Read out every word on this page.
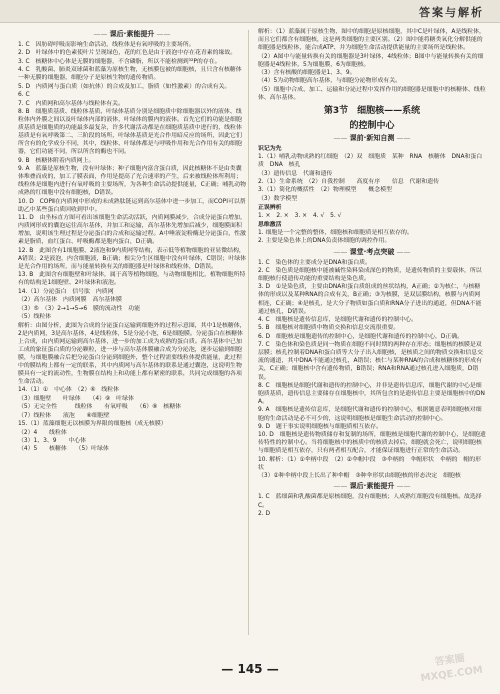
答案与解析
—— 课后·素能提升 ——
1. C　因肪碍呼吸而影响生命活动，线粒体是有氧呼吸的主要场所。
2. D　叶绿体中的色素使叶片呈现绿色，花的红色是由于液泡中存在花青素的缘故。
3. C　核糖体中心体是无膜的细胞器，不含磷脂，所以不能检测到³²P的存在。
4. C　乳酸菌、肺炎双球菌和蓝藻为原核生物，无核膜包被的细胞核，且只含有核糖体一种无膜的细胞器，细胞分子是原核生物的遗传物质。
5. D　内质网与蛋白质（如抗体）的合成及加工，脂质（如性激素）的合成有关。
6. C
7. C　内质网和高尔基体与线粒体有关。
8. B　细胞质基质、线粒体基质、叶绿体基质分别是细胞质中除细胞器以外的液体、线粒体内外膜之间以及叶绿体内部的液体，叶绿体的膜内的液体。首先它们的功能是细胞质基质是细胞质的功能最多最复杂，许多代谢活动都是在细胞质基质中进行的，线粒体基质是有氧呼吸第二、三阶段的场所，叶绿体基质是光合作用暗反应的场所，因此它们所含有的化学成分不同，其中，线粒体、叶绿体都是与呼吸作用和光合作用有关的细胞器，它们功能不同，所以所含的酶也不同。
9. B　核糖体附着内质网上。
9. A　蓝藻是原核生物，没有叶绿体；种子细胞内富含蛋白质，因此核糖体不是由类囊体堆叠而成的，加工了膜表面，作用是提高了光合速率的产生，后来被线粒体所利用；线粒体是细胞内进行有氧呼吸的主要场所，为各种生命活动提供能量，C正确；哺乳动物成熟的红细胞中没有细胞核，D错误。
10. D　COPⅡ在内质网中形成的未成熟肽链运到高尔基体中进一步加工，而COPⅠ可以帮助乙中某些蛋白质回收到甲中。
11. D　由坐标直方图可看出该细胞生命活动活跃，内质网膜减少，合成分泌蛋白增加，内质网形成的囊泡运往高尔基体，并加工和运输，高尔基体先增加后减少，细胞膜面积增加，说明该生理过程是分泌蛋白的合成和运输过程。A中唾液淀粉酶是分泌蛋白，性激素是脂质，血红蛋白、呼吸酶都是胞内蛋白，D正确。
12. B　此图含有1细胞膜、2液泡和9内质网等结构，表示低等植物细胞的亚显微结构，A错误；2是液泡，内含细胞液，B正确；根尖分生区细胞中没有叶绿体，C错误；叶绿体是光合作用的场所，而与能量转换有关的细胞器是叶绿体和线粒体，D错误。
13. B　此图含有细胞壁和叶绿体，属于高等植物细胞，与动物细胞相比，植物细胞所特有的结构是1细胞壁、2叶绿体和液泡。
14.（1）分泌蛋白　信号肽　内质网
（2）高尔基体　内质网膜　高尔基体膜
（3）⑤　（3）2→1→5→6　膜的流动性　功能
（5）线粒体
解析：由图分析，此图为合成的分泌蛋白运输到细胞外的过程示意图，其中1是核糖体，2是内质网，3是高尔基体，4是线粒体，5是分泌小泡，6是细胞膜。分泌蛋白在核糖体上合成，由内质网运输到高尔基体，进一步的加工成为成熟的蛋白质。高尔基体中已加工成的象征蛋白质的分泌颗粒，进一步与高尔基体膜融合成为分泌泡，逐步运输到细胞膜，与细胞膜融合后把分泌蛋白分泌到细胞外，整个过程需要线粒体提供能量，此过程中的膜结构上都有一定的联系，其中内质网与高尔基体的联系是通过囊泡，这说明生物膜具有一定的流动性，生物膜在结构上和功能上都有紧密的联系，共同完成细胞的各项生命活动。
14.（1）①　中心体　（2）⑥　线粒体
（3）细胞壁　　叶绿体　　（4）⑨　叶绿体
（5）无完全性　　　线粒体　　有氧呼吸　　（6）⑧　核糖体
（7）线粒体　　液泡　　⑧细胞壁
15.（1）蓝藻细胞无以核膜为界限的细胞核（成无核膜）
（2）4　　线粒体
（3）1、3、9　　中心体
（4）5　　核糖体　　（5）叶绿体
解析：（1）蓝藻属于原核生物，图中的细胞是原核细胞，其中C是叶绿体，A是线粒体，而且它们都含有细胞核，这是两类细胞的主要区别。（2）图中能将糖类氧化分解供能的细胞器是线粒体，能合成ATP、并为细胞生命活动提供能量的主要场所是线粒体。
（2）A图中与能量转换有关的细胞器是3叶绿体，4线粒体；B图中与能量转换有关的细胞器是4线粒体，5为细胞膜，6为细胞核。
（3）含有核酸的细胞器是1、3、9。
（4）5为动物细胞高尔基体，与细胞分泌物形成有关。
（5）细胞中合成、加工、运输和分泌过程中发挥作用的细胞器是细胞中的核糖体、线粒体、高尔基体。
第3节　细胞核——系统
的控制中心
—— 课前·新知自测 ——
识记为先
1.（1）哺乳动物成熟的红细胞　（2）双　细胞质　某种　RNA　核糖体　DNA和蛋白质　DNA　核孔
（3）遗传信息　代谢和遗传
2.（1）生命系统　（2）自我控制　　高度有序　　信息　代谢和遗传
3.（1）简化的概括性　（2）物理模型　　概念模型
（3）数学模型
正误辨析
1. ×　2. ×　3. ×　4. √　5. √
思维激活
1. 细胞是一个完整的整体，细胞核和细胞质是相互依存的。
2. 主要是染色体上的DNA负责体细胞的调控作用。
—— 课堂·考点突破 ——
1. C　染色体的主要成分是DNA和蛋白质。
2. C　染色质是细胞核中能被碱性染料染成深色的物质，是遗传物质的主要载体，所以细胞核行使遗传功能的重要结构是染色质。
3. D　①是染色质，主要由DNA和蛋白质组成的丝状结构，A正确；②为核仁，与核糖体的形成以及某种RNA的合成有关，B正确；③为核膜，是双层膜结构，核膜与内质网相连，C正确；④是核孔，是大分子物质如蛋白质和RNA分子进出的通道，但DNA不能通过核孔，D错误。
4. C　细胞核是遗传信息库，是细胞代谢和遗传的控制中心。
5. B　细胞核对细胞质中物质交换和信息交流很重要。
6. D　细胞核是细胞遗传的控制中心，是细胞代谢和遗传的控制中心，D正确。
7. C　染色体和染色质是同一物质在细胞不同时期的两种存在形态；细胞核的核膜是双层膜；核孔控制着DNA和蛋白质等大分子出入细胞核，是核质之间的物质交换和信息交流的通道，其中DNA不能通过核孔，A错误；核仁与某种RNA的合成和核糖体的形成有关，C正确；细胞核中含有遗传物质，B错误；RNA和RNA通过核孔进入细胞质，D错误。
8. C　细胞核是细胞代谢和遗传的控制中心，并非是遗传信息库，细胞代谢的中心是细胞质基质，遗传信息主要储存在细胞核中，其所包含的是遗传信息主要是细胞核中的DNA。
9. A　细胞核是遗传信息库，是细胞代谢和遗传的控制中心，根据题意表明细胞核对细胞的生命活动是必不可少的，这说明细胞核是细胞生命活动的控制中心。
9. D　题干事实说明细胞核与细胞质相互依存。
10. D　细胞核是遗传物质储存和复制的场所，细胞核是细胞代谢的控制中心，是细胞遗传特性的控制中心。当将细胞核中的核质中的核质去掉后，细胞就会死亡，说明细胞核与细胞质是相互依存，只有两者相互配合，才能保证细胞进行正常的生命活动。
10. 解析：（1）①伞柄中段　（2）②伞帽中段　③伞柄的　伞帽形状　伞柄的　帽的形状
（3）②种伞柄中段上长出了种伞帽　③种伞形状由细胞核的形态决定　细胞核
—— 课后·素能提升 ——
1. C　蓝细菌和乳酸菌都是原核细胞，没有细胞核；人成熟红细胞没有细胞核。故选择C。
2. D
— 145 —
答案圈 MXQE.COM
